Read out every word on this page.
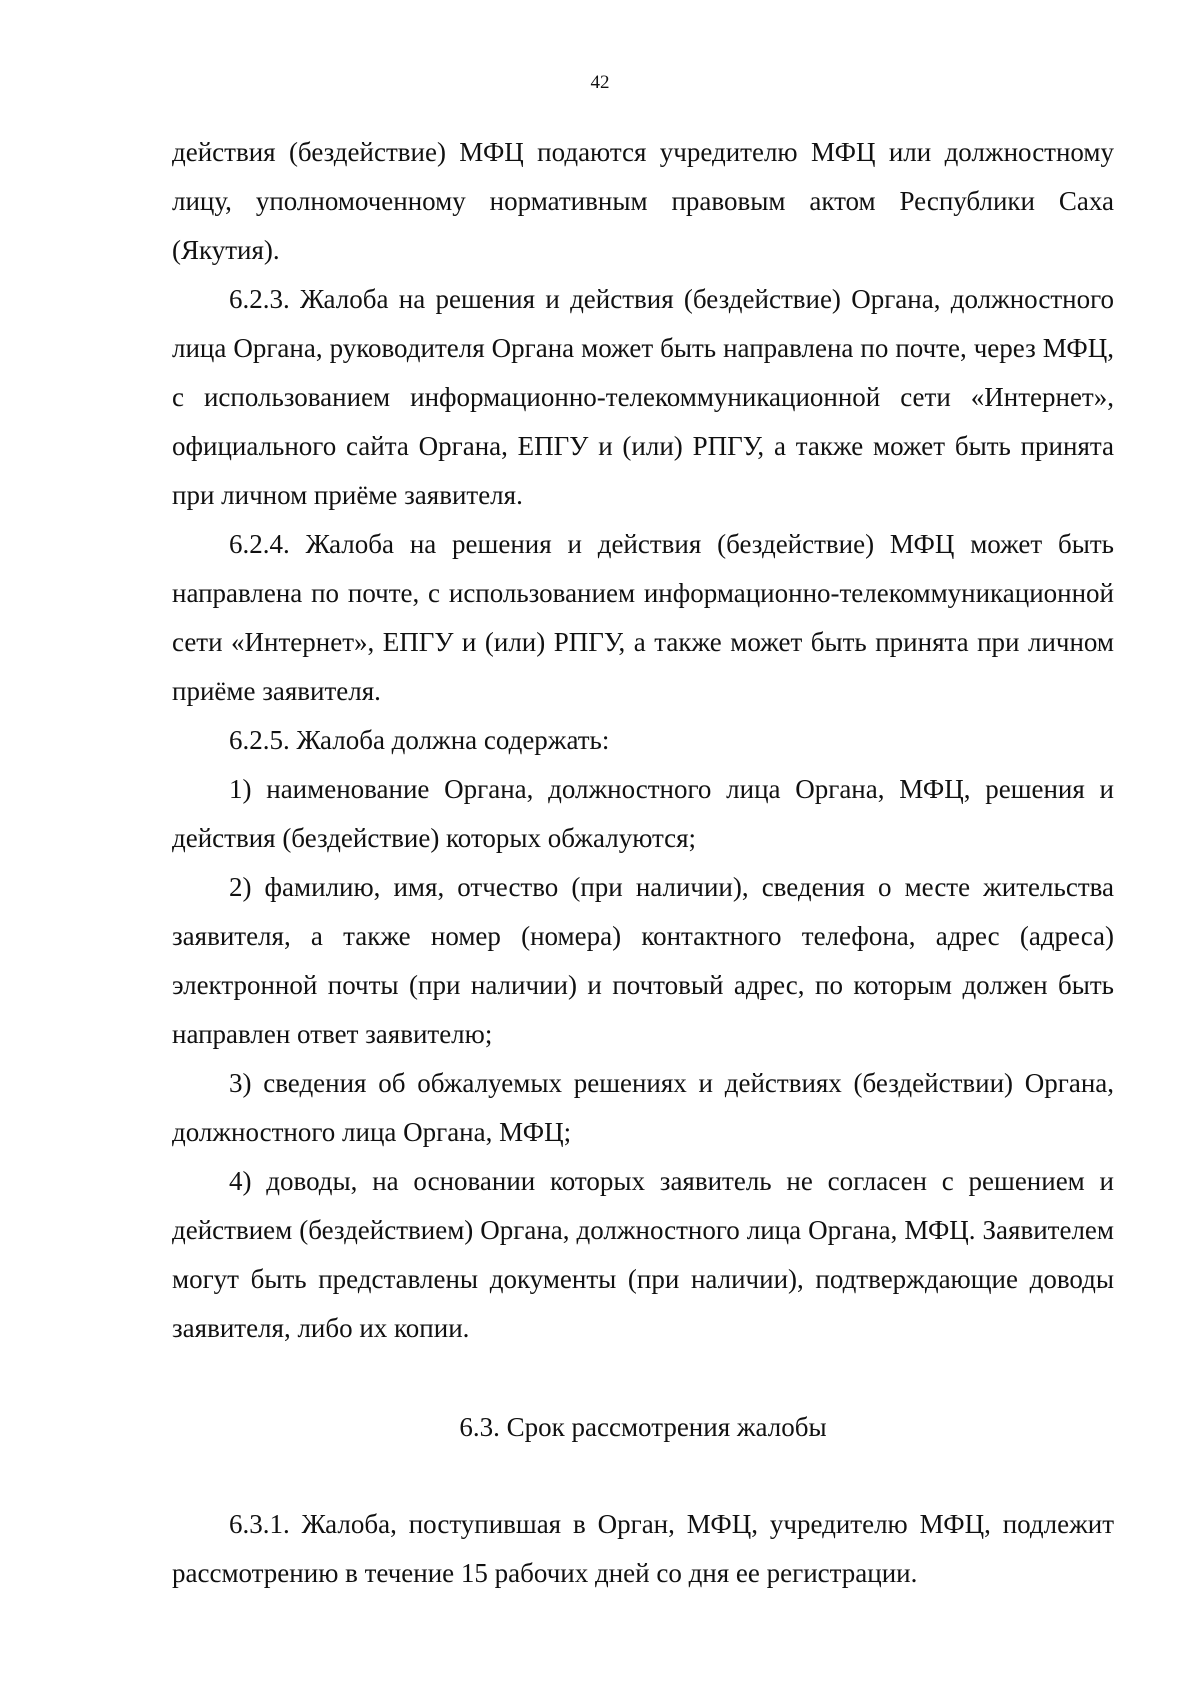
42

действия (бездействие) МФЦ подаются учредителю МФЦ или должностному лицу, уполномоченному нормативным правовым актом Республики Саха (Якутия).

6.2.3. Жалоба на решения и действия (бездействие) Органа, должностного лица Органа, руководителя Органа может быть направлена по почте, через МФЦ, с использованием информационно-телекоммуникационной сети «Интернет», официального сайта Органа, ЕПГУ и (или) РПГУ, а также может быть принята при личном приёме заявителя.

6.2.4. Жалоба на решения и действия (бездействие) МФЦ может быть направлена по почте, с использованием информационно-телекоммуникационной сети «Интернет», ЕПГУ и (или) РПГУ, а также может быть принята при личном приёме заявителя.

6.2.5. Жалоба должна содержать:

1) наименование Органа, должностного лица Органа, МФЦ, решения и действия (бездействие) которых обжалуются;

2) фамилию, имя, отчество (при наличии), сведения о месте жительства заявителя, а также номер (номера) контактного телефона, адрес (адреса) электронной почты (при наличии) и почтовый адрес, по которым должен быть направлен ответ заявителю;

3) сведения об обжалуемых решениях и действиях (бездействии) Органа, должностного лица Органа, МФЦ;

4) доводы, на основании которых заявитель не согласен с решением и действием (бездействием) Органа, должностного лица Органа, МФЦ. Заявителем могут быть представлены документы (при наличии), подтверждающие доводы заявителя, либо их копии.

6.3. Срок рассмотрения жалобы

6.3.1. Жалоба, поступившая в Орган, МФЦ, учредителю МФЦ, подлежит рассмотрению в течение 15 рабочих дней со дня ее регистрации.
